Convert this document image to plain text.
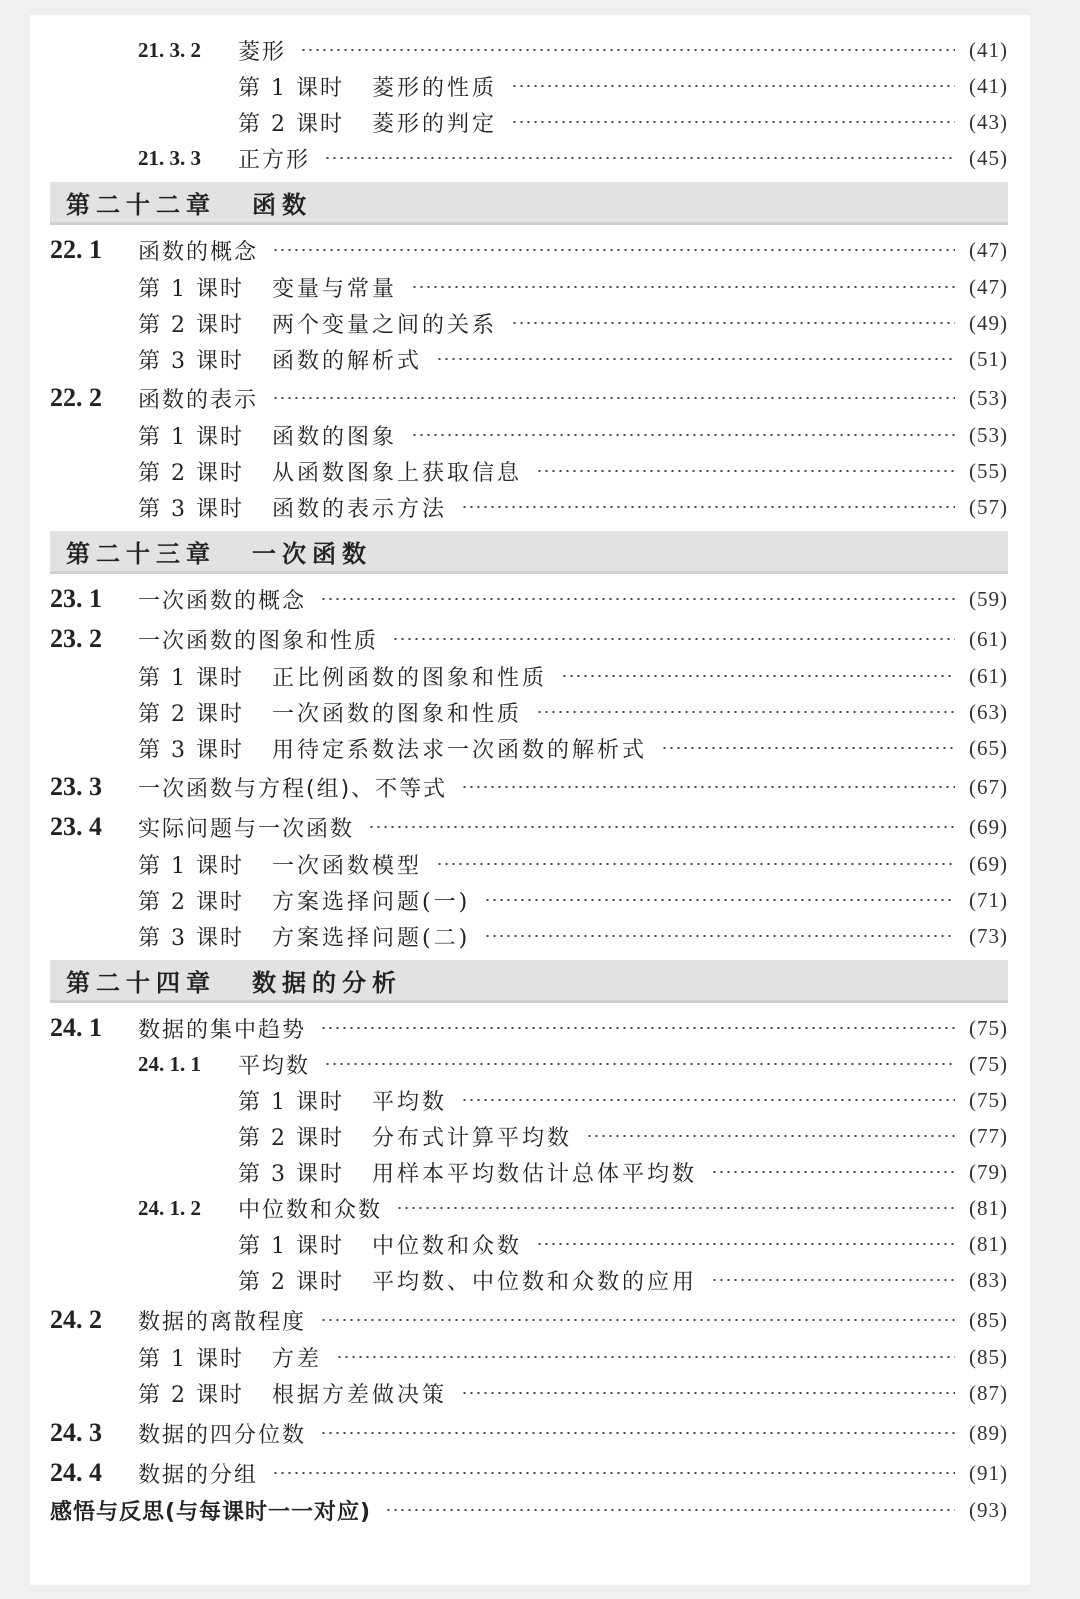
21. 3. 2	菱形	(41)
第 1 课时 菱形的性质	(41)
第 2 课时 菱形的判定	(43)
21. 3. 3	正方形	(45)
第二十二章 函数
22. 1	函数的概念	(47)
第 1 课时 变量与常量	(47)
第 2 课时 两个变量之间的关系	(49)
第 3 课时 函数的解析式	(51)
22. 2	函数的表示	(53)
第 1 课时 函数的图象	(53)
第 2 课时 从函数图象上获取信息	(55)
第 3 课时 函数的表示方法	(57)
第二十三章 一次函数
23. 1	一次函数的概念	(59)
23. 2	一次函数的图象和性质	(61)
第 1 课时 正比例函数的图象和性质	(61)
第 2 课时 一次函数的图象和性质	(63)
第 3 课时 用待定系数法求一次函数的解析式	(65)
23. 3	一次函数与方程(组)、不等式	(67)
23. 4	实际问题与一次函数	(69)
第 1 课时 一次函数模型	(69)
第 2 课时 方案选择问题(一)	(71)
第 3 课时 方案选择问题(二)	(73)
第二十四章 数据的分析
24. 1	数据的集中趋势	(75)
24. 1. 1	平均数	(75)
第 1 课时 平均数	(75)
第 2 课时 分布式计算平均数	(77)
第 3 课时 用样本平均数估计总体平均数	(79)
24. 1. 2	中位数和众数	(81)
第 1 课时 中位数和众数	(81)
第 2 课时 平均数、中位数和众数的应用	(83)
24. 2	数据的离散程度	(85)
第 1 课时 方差	(85)
第 2 课时 根据方差做决策	(87)
24. 3	数据的四分位数	(89)
24. 4	数据的分组	(91)
感悟与反思(与每课时一一对应)	(93)
